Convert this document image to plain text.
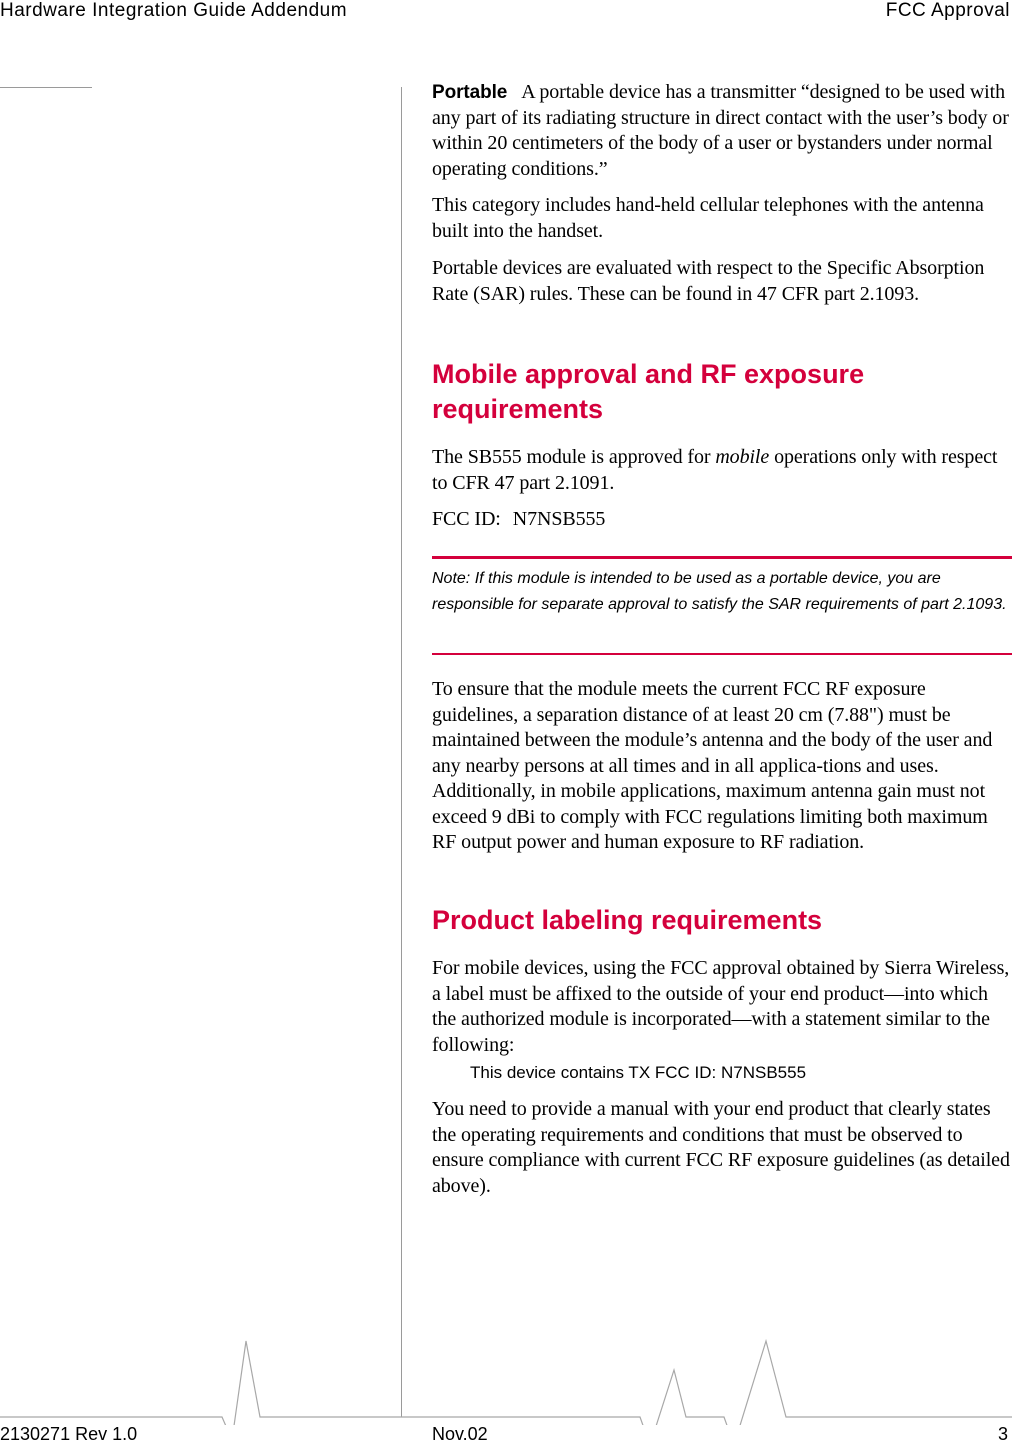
Hardware Integration Guide Addendum	FCC Approval

Portable A portable device has a transmitter “designed to be used with any part of its radiating structure in direct contact with the user’s body or within 20 centimeters of the body of a user or bystanders under normal operating conditions.”

This category includes hand-held cellular telephones with the antenna built into the handset.

Portable devices are evaluated with respect to the Specific Absorption Rate (SAR) rules. These can be found in 47 CFR part 2.1093.

Mobile approval and RF exposure requirements

The SB555 module is approved for mobile operations only with respect to CFR 47 part 2.1091.

FCC ID: N7NSB555

Note: If this module is intended to be used as a portable device, you are responsible for separate approval to satisfy the SAR requirements of part 2.1093.

To ensure that the module meets the current FCC RF exposure guidelines, a separation distance of at least 20 cm (7.88") must be maintained between the module’s antenna and the body of the user and any nearby persons at all times and in all applica-tions and uses. Additionally, in mobile applications, maximum antenna gain must not exceed 9 dBi to comply with FCC regulations limiting both maximum RF output power and human exposure to RF radiation.

Product labeling requirements

For mobile devices, using the FCC approval obtained by Sierra Wireless, a label must be affixed to the outside of your end product—into which the authorized module is incorporated—with a statement similar to the following:

This device contains TX FCC ID: N7NSB555

You need to provide a manual with your end product that clearly states the operating requirements and conditions that must be observed to ensure compliance with current FCC RF exposure guidelines (as detailed above).

2130271 Rev 1.0	Nov.02	3
